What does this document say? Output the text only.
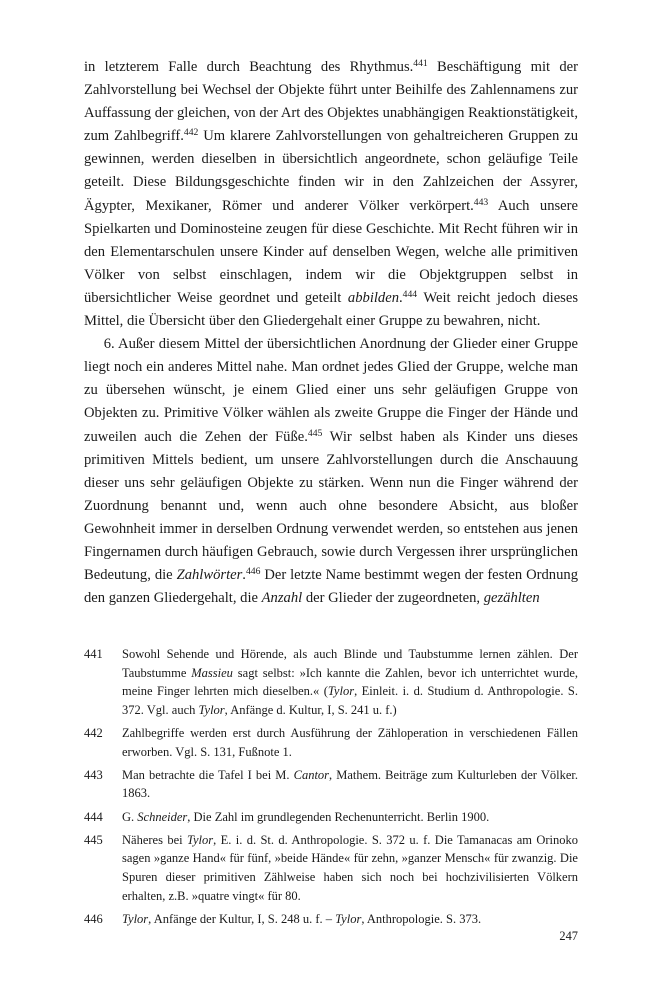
in letzterem Falle durch Beachtung des Rhythmus.$^{441}$ Beschäftigung mit der Zahlvorstellung bei Wechsel der Objekte führt unter Beihilfe des Zahlennamens zur Auffassung der gleichen, von der Art des Objektes unabhängigen Reaktionstätigkeit, zum Zahlbegriff.$^{442}$ Um klarere Zahlvorstellungen von gehaltreicheren Gruppen zu gewinnen, werden dieselben in übersichtlich angeordnete, schon geläufige Teile geteilt. Diese Bildungsgeschichte finden wir in den Zahlzeichen der Assyrer, Ägypter, Mexikaner, Römer und anderer Völker verkörpert.$^{443}$ Auch unsere Spielkarten und Dominosteine zeugen für diese Geschichte. Mit Recht führen wir in den Elementarschulen unsere Kinder auf denselben Wegen, welche alle primitiven Völker von selbst einschlagen, indem wir die Objektgruppen selbst in übersichtlicher Weise geordnet und geteilt abbilden.$^{444}$ Weit reicht jedoch dieses Mittel, die Übersicht über den Gliedergehalt einer Gruppe zu bewahren, nicht.

6. Außer diesem Mittel der übersichtlichen Anordnung der Glieder einer Gruppe liegt noch ein anderes Mittel nahe. Man ordnet jedes Glied der Gruppe, welche man zu übersehen wünscht, je einem Glied einer uns sehr geläufigen Gruppe von Objekten zu. Primitive Völker wählen als zweite Gruppe die Finger der Hände und zuweilen auch die Zehen der Füße.$^{445}$ Wir selbst haben als Kinder uns dieses primitiven Mittels bedient, um unsere Zahlvorstellungen durch die Anschauung dieser uns sehr geläufigen Objekte zu stärken. Wenn nun die Finger während der Zuordnung benannt und, wenn auch ohne besondere Absicht, aus bloßer Gewohnheit immer in derselben Ordnung verwendet werden, so entstehen aus jenen Fingernamen durch häufigen Gebrauch, sowie durch Vergessen ihrer ursprünglichen Bedeutung, die Zahlwörter.$^{446}$ Der letzte Name bestimmt wegen der festen Ordnung den ganzen Gliedergehalt, die Anzahl der Glieder der zugeordneten, gezählten

441	Sowohl Sehende und Hörende, als auch Blinde und Taubstumme lernen zählen. Der Taubstumme Massieu sagt selbst: »Ich kannte die Zahlen, bevor ich unterrichtet wurde, meine Finger lehrten mich dieselben.« (Tylor, Einleit. i. d. Studium d. Anthropologie. S. 372. Vgl. auch Tylor, Anfänge d. Kultur, I, S. 241 u. f.)
442	Zahlbegriffe werden erst durch Ausführung der Zähloperation in verschiedenen Fällen erworben. Vgl. S. 131, Fußnote 1.
443	Man betrachte die Tafel I bei M. Cantor, Mathem. Beiträge zum Kulturleben der Völker. 1863.
444	G. Schneider, Die Zahl im grundlegenden Rechenunterricht. Berlin 1900.
445	Näheres bei Tylor, E. i. d. St. d. Anthropologie. S. 372 u. f. Die Tamanacas am Orinoko sagen »ganze Hand« für fünf, »beide Hände« für zehn, »ganzer Mensch« für zwanzig. Die Spuren dieser primitiven Zählweise haben sich noch bei hochzivilisierten Völkern erhalten, z.B. »quatre vingt« für 80.
446	Tylor, Anfänge der Kultur, I, S. 248 u. f. – Tylor, Anthropologie. S. 373.
247
